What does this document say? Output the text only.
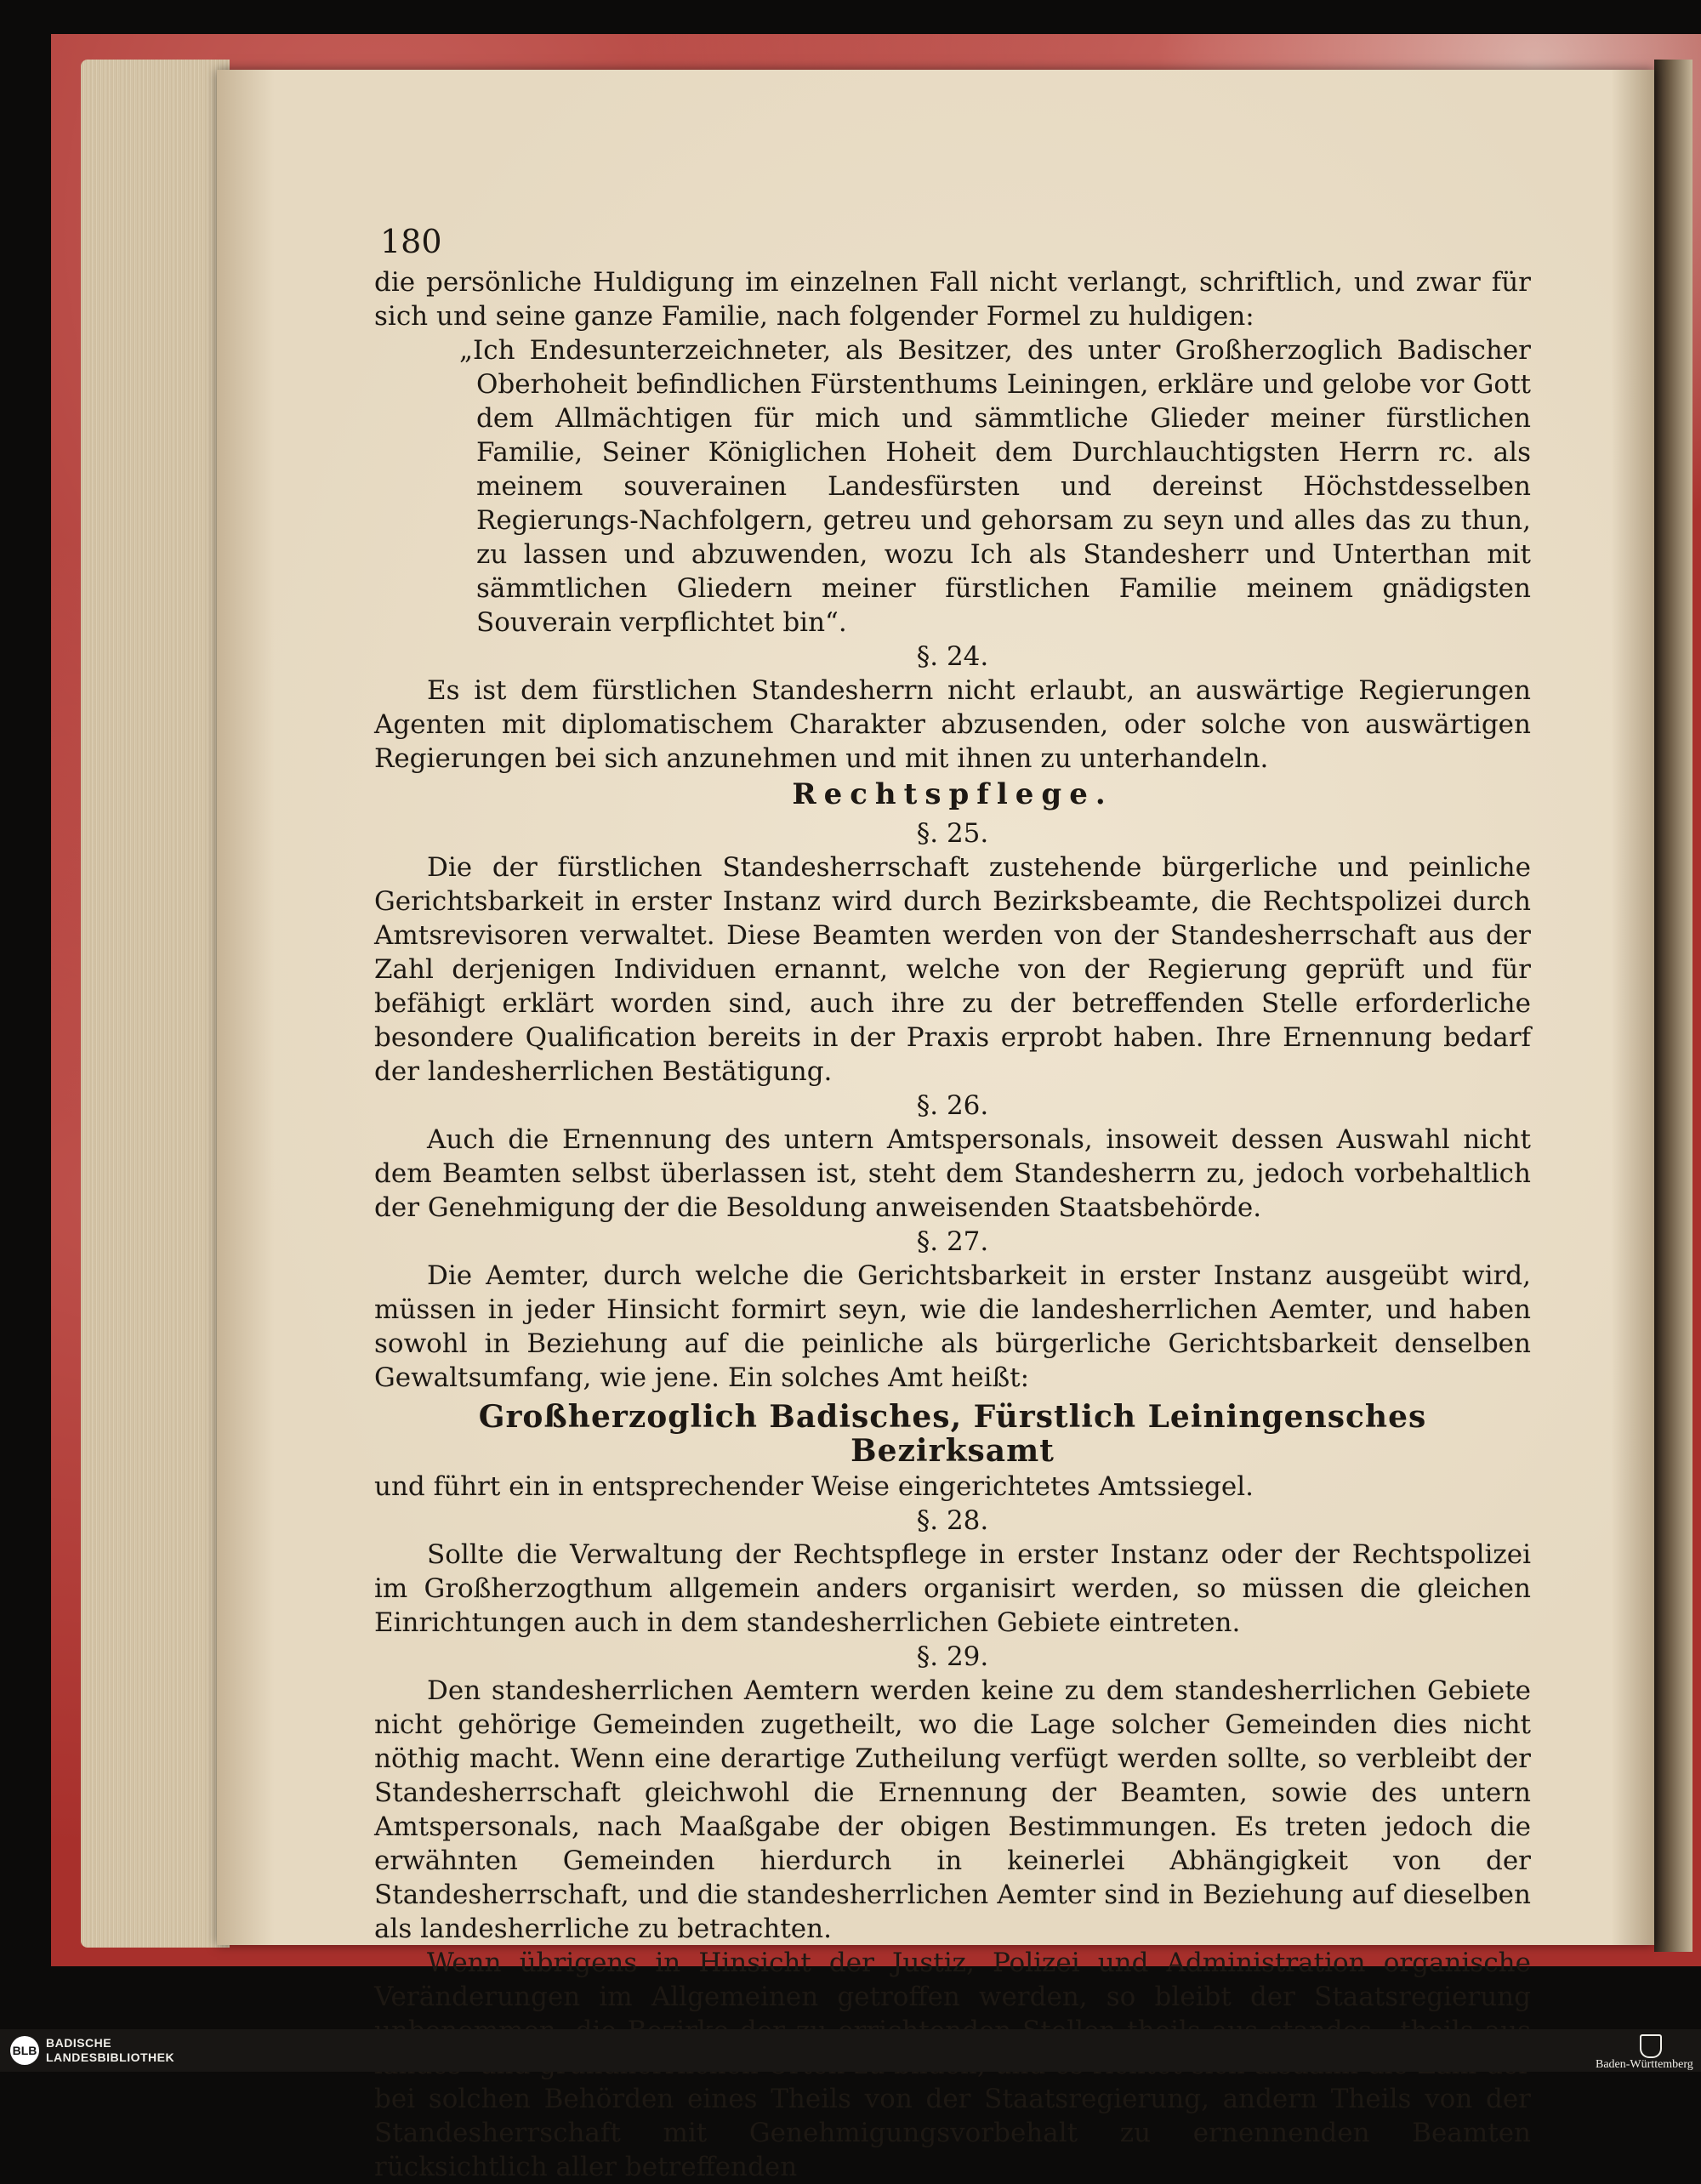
180

die persönliche Huldigung im einzelnen Fall nicht verlangt, schriftlich, und zwar für sich und seine ganze Familie, nach folgender Formel zu huldigen:

„Ich Endesunterzeichneter, als Besitzer, des unter Großherzoglich Badischer Oberhoheit befindlichen Fürstenthums Leiningen, erkläre und gelobe vor Gott dem Allmächtigen für mich und sämmtliche Glieder meiner fürstlichen Familie, Seiner Königlichen Hoheit dem Durchlauchtigsten Herrn rc. als meinem souverainen Landesfürsten und dereinst Höchstdesselben Regierungs-Nachfolgern, getreu und gehorsam zu seyn und alles das zu thun, zu lassen und abzuwenden, wozu Ich als Standesherr und Unterthan mit sämmtlichen Gliedern meiner fürstlichen Familie meinem gnädigsten Souverain verpflichtet bin“.

§. 24.

Es ist dem fürstlichen Standesherrn nicht erlaubt, an auswärtige Regierungen Agenten mit diplomatischem Charakter abzusenden, oder solche von auswärtigen Regierungen bei sich anzunehmen und mit ihnen zu unterhandeln.

Rechtspflege.

§. 25.

Die der fürstlichen Standesherrschaft zustehende bürgerliche und peinliche Gerichtsbarkeit in erster Instanz wird durch Bezirksbeamte, die Rechtspolizei durch Amtsrevisoren verwaltet. Diese Beamten werden von der Standesherrschaft aus der Zahl derjenigen Individuen ernannt, welche von der Regierung geprüft und für befähigt erklärt worden sind, auch ihre zu der betreffenden Stelle erforderliche besondere Qualification bereits in der Praxis erprobt haben. Ihre Ernennung bedarf der landesherrlichen Bestätigung.

§. 26.

Auch die Ernennung des untern Amtspersonals, insoweit dessen Auswahl nicht dem Beamten selbst überlassen ist, steht dem Standesherrn zu, jedoch vorbehaltlich der Genehmigung der die Besoldung anweisenden Staatsbehörde.

§. 27.

Die Aemter, durch welche die Gerichtsbarkeit in erster Instanz ausgeübt wird, müssen in jeder Hinsicht formirt seyn, wie die landesherrlichen Aemter, und haben sowohl in Beziehung auf die peinliche als bürgerliche Gerichtsbarkeit denselben Gewaltsumfang, wie jene. Ein solches Amt heißt:

Großherzoglich Badisches, Fürstlich Leiningensches Bezirksamt

und führt ein in entsprechender Weise eingerichtetes Amtssiegel.

§. 28.

Sollte die Verwaltung der Rechtspflege in erster Instanz oder der Rechtspolizei im Großherzogthum allgemein anders organisirt werden, so müssen die gleichen Einrichtungen auch in dem standesherrlichen Gebiete eintreten.

§. 29.

Den standesherrlichen Aemtern werden keine zu dem standesherrlichen Gebiete nicht gehörige Gemeinden zugetheilt, wo die Lage solcher Gemeinden dies nicht nöthig macht. Wenn eine derartige Zutheilung verfügt werden sollte, so verbleibt der Standesherrschaft gleichwohl die Ernennung der Beamten, sowie des untern Amtspersonals, nach Maaßgabe der obigen Bestimmungen. Es treten jedoch die erwähnten Gemeinden hierdurch in keinerlei Abhängigkeit von der Standesherrschaft, und die standesherrlichen Aemter sind in Beziehung auf dieselben als landesherrliche zu betrachten.

Wenn übrigens in Hinsicht der Justiz, Polizei und Administration organische Veränderungen im Allgemeinen getroffen werden, so bleibt der Staatsregierung bei solchen Behörden eines Theils von der Staatsregierung, andern Theils von der Standesherrschaft mit Genehmigungsvorbehalt zu ernennenden Beamten rücksichtlich aller betreffenden

BLB
BADISCHE
LANDESBIBLIOTHEK
Baden-Württemberg
